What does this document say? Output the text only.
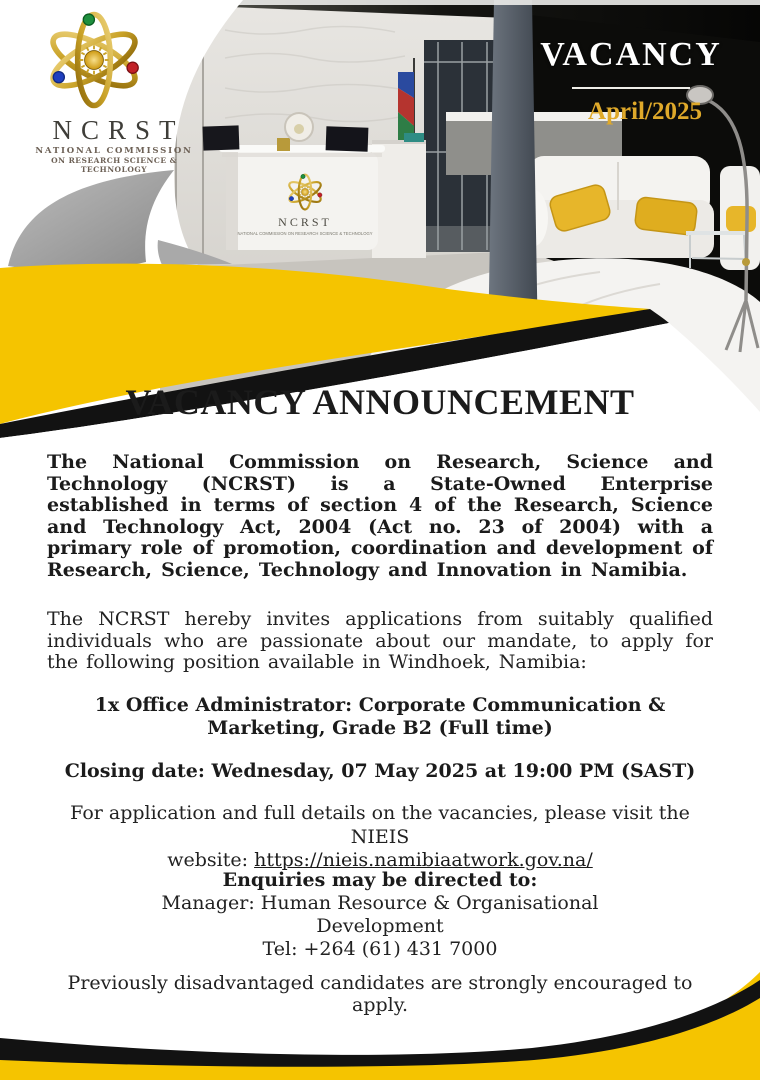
NCRST
NATIONAL COMMISSION ON RESEARCH SCIENCE & TECHNOLOGY
NCRST
NATIONAL COMMISSION
ON RESEARCH SCIENCE & TECHNOLOGY
VACANCY
April/2025
VACANCY ANNOUNCEMENT
The National Commission on Research, Science and Technology (NCRST) is a State-Owned Enterprise established in terms of section 4 of the Research, Science and Technology Act, 2004 (Act no. 23 of 2004) with a primary role of promotion, coordination and development of Research, Science, Technology and Innovation in Namibia.
The NCRST hereby invites applications from suitably qualified individuals who are passionate about our mandate, to apply for the following position available in Windhoek, Namibia:
1x Office Administrator: Corporate Communication & Marketing, Grade B2 (Full time)
Closing date: Wednesday, 07 May 2025 at 19:00 PM (SAST)
For application and full details on the vacancies, please visit the NIEIS
website: https://nieis.namibiaatwork.gov.na/
Enquiries may be directed to:
Manager: Human Resource & Organisational Development
Tel: +264 (61) 431 7000
Previously disadvantaged candidates are strongly encouraged to apply.
